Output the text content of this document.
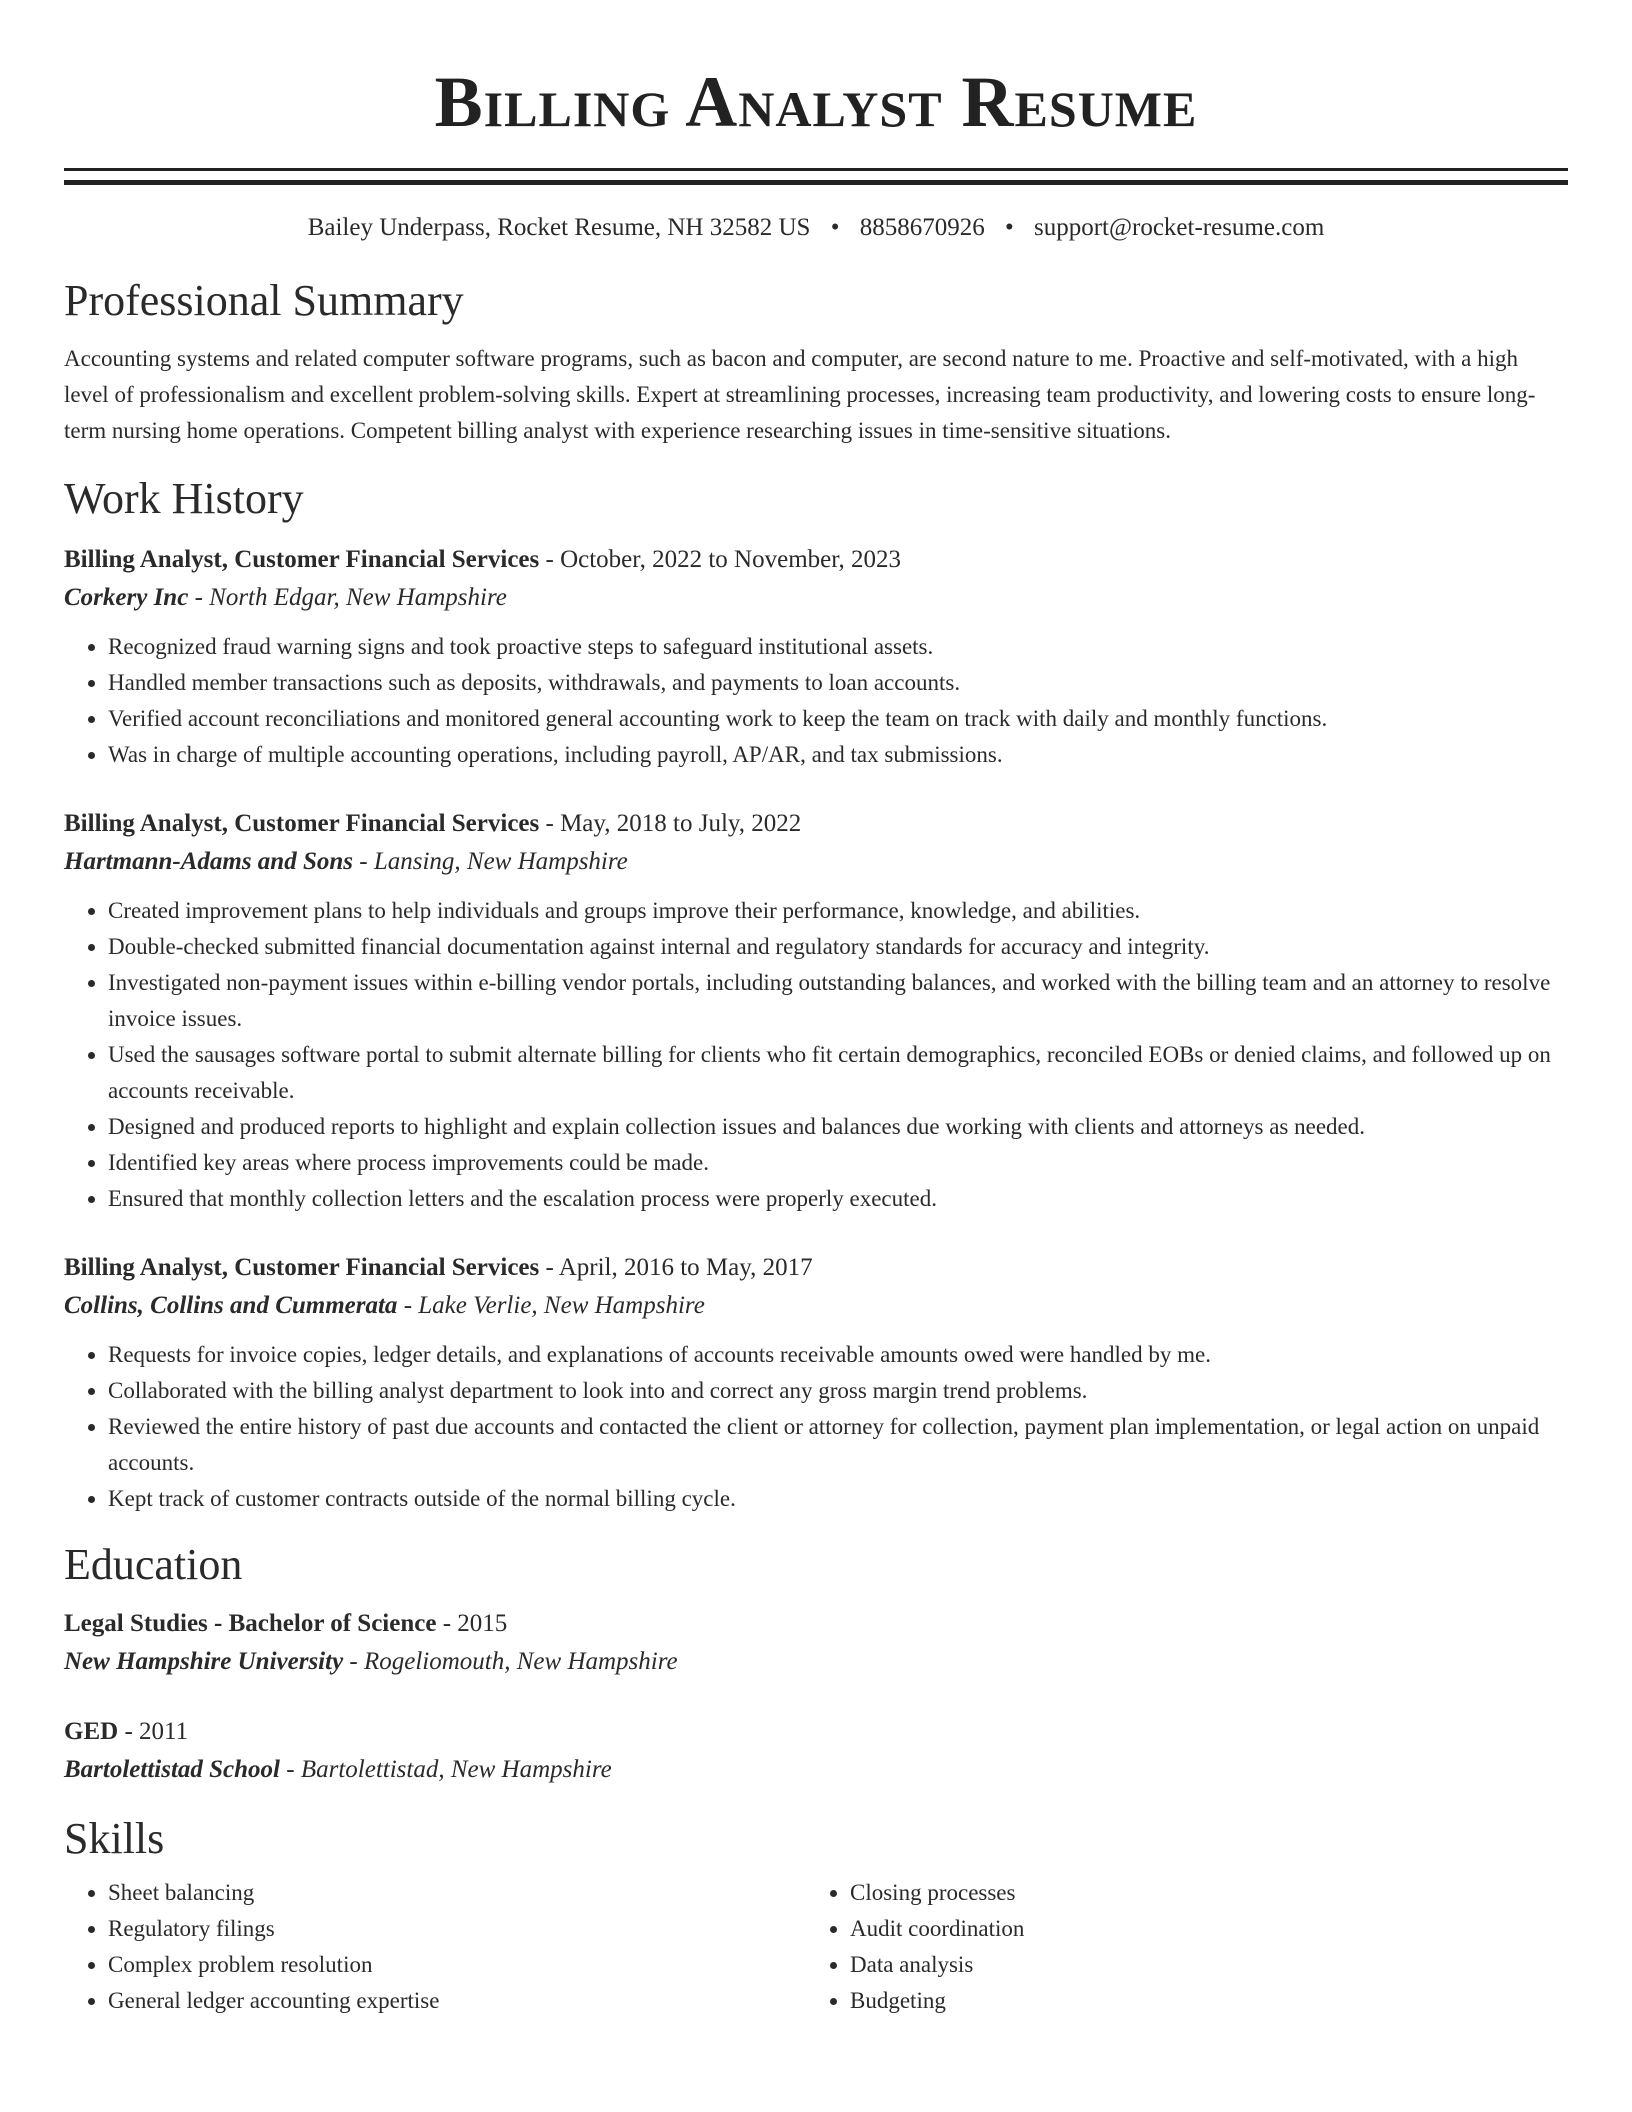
Billing Analyst Resume
Bailey Underpass, Rocket Resume, NH 32582 US • 8858670926 • support@rocket-resume.com
Professional Summary
Accounting systems and related computer software programs, such as bacon and computer, are second nature to me. Proactive and self-motivated, with a high level of professionalism and excellent problem-solving skills. Expert at streamlining processes, increasing team productivity, and lowering costs to ensure long-term nursing home operations. Competent billing analyst with experience researching issues in time-sensitive situations.
Work History
Billing Analyst, Customer Financial Services - October, 2022 to November, 2023
Corkery Inc - North Edgar, New Hampshire
• Recognized fraud warning signs and took proactive steps to safeguard institutional assets.
• Handled member transactions such as deposits, withdrawals, and payments to loan accounts.
• Verified account reconciliations and monitored general accounting work to keep the team on track with daily and monthly functions.
• Was in charge of multiple accounting operations, including payroll, AP/AR, and tax submissions.
Billing Analyst, Customer Financial Services - May, 2018 to July, 2022
Hartmann-Adams and Sons - Lansing, New Hampshire
• Created improvement plans to help individuals and groups improve their performance, knowledge, and abilities.
• Double-checked submitted financial documentation against internal and regulatory standards for accuracy and integrity.
• Investigated non-payment issues within e-billing vendor portals, including outstanding balances, and worked with the billing team and an attorney to resolve invoice issues.
• Used the sausages software portal to submit alternate billing for clients who fit certain demographics, reconciled EOBs or denied claims, and followed up on accounts receivable.
• Designed and produced reports to highlight and explain collection issues and balances due working with clients and attorneys as needed.
• Identified key areas where process improvements could be made.
• Ensured that monthly collection letters and the escalation process were properly executed.
Billing Analyst, Customer Financial Services - April, 2016 to May, 2017
Collins, Collins and Cummerata - Lake Verlie, New Hampshire
• Requests for invoice copies, ledger details, and explanations of accounts receivable amounts owed were handled by me.
• Collaborated with the billing analyst department to look into and correct any gross margin trend problems.
• Reviewed the entire history of past due accounts and contacted the client or attorney for collection, payment plan implementation, or legal action on unpaid accounts.
• Kept track of customer contracts outside of the normal billing cycle.
Education
Legal Studies - Bachelor of Science - 2015
New Hampshire University - Rogeliomouth, New Hampshire
GED - 2011
Bartolettistad School - Bartolettistad, New Hampshire
Skills
• Sheet balancing
• Regulatory filings
• Complex problem resolution
• General ledger accounting expertise
• Closing processes
• Audit coordination
• Data analysis
• Budgeting
